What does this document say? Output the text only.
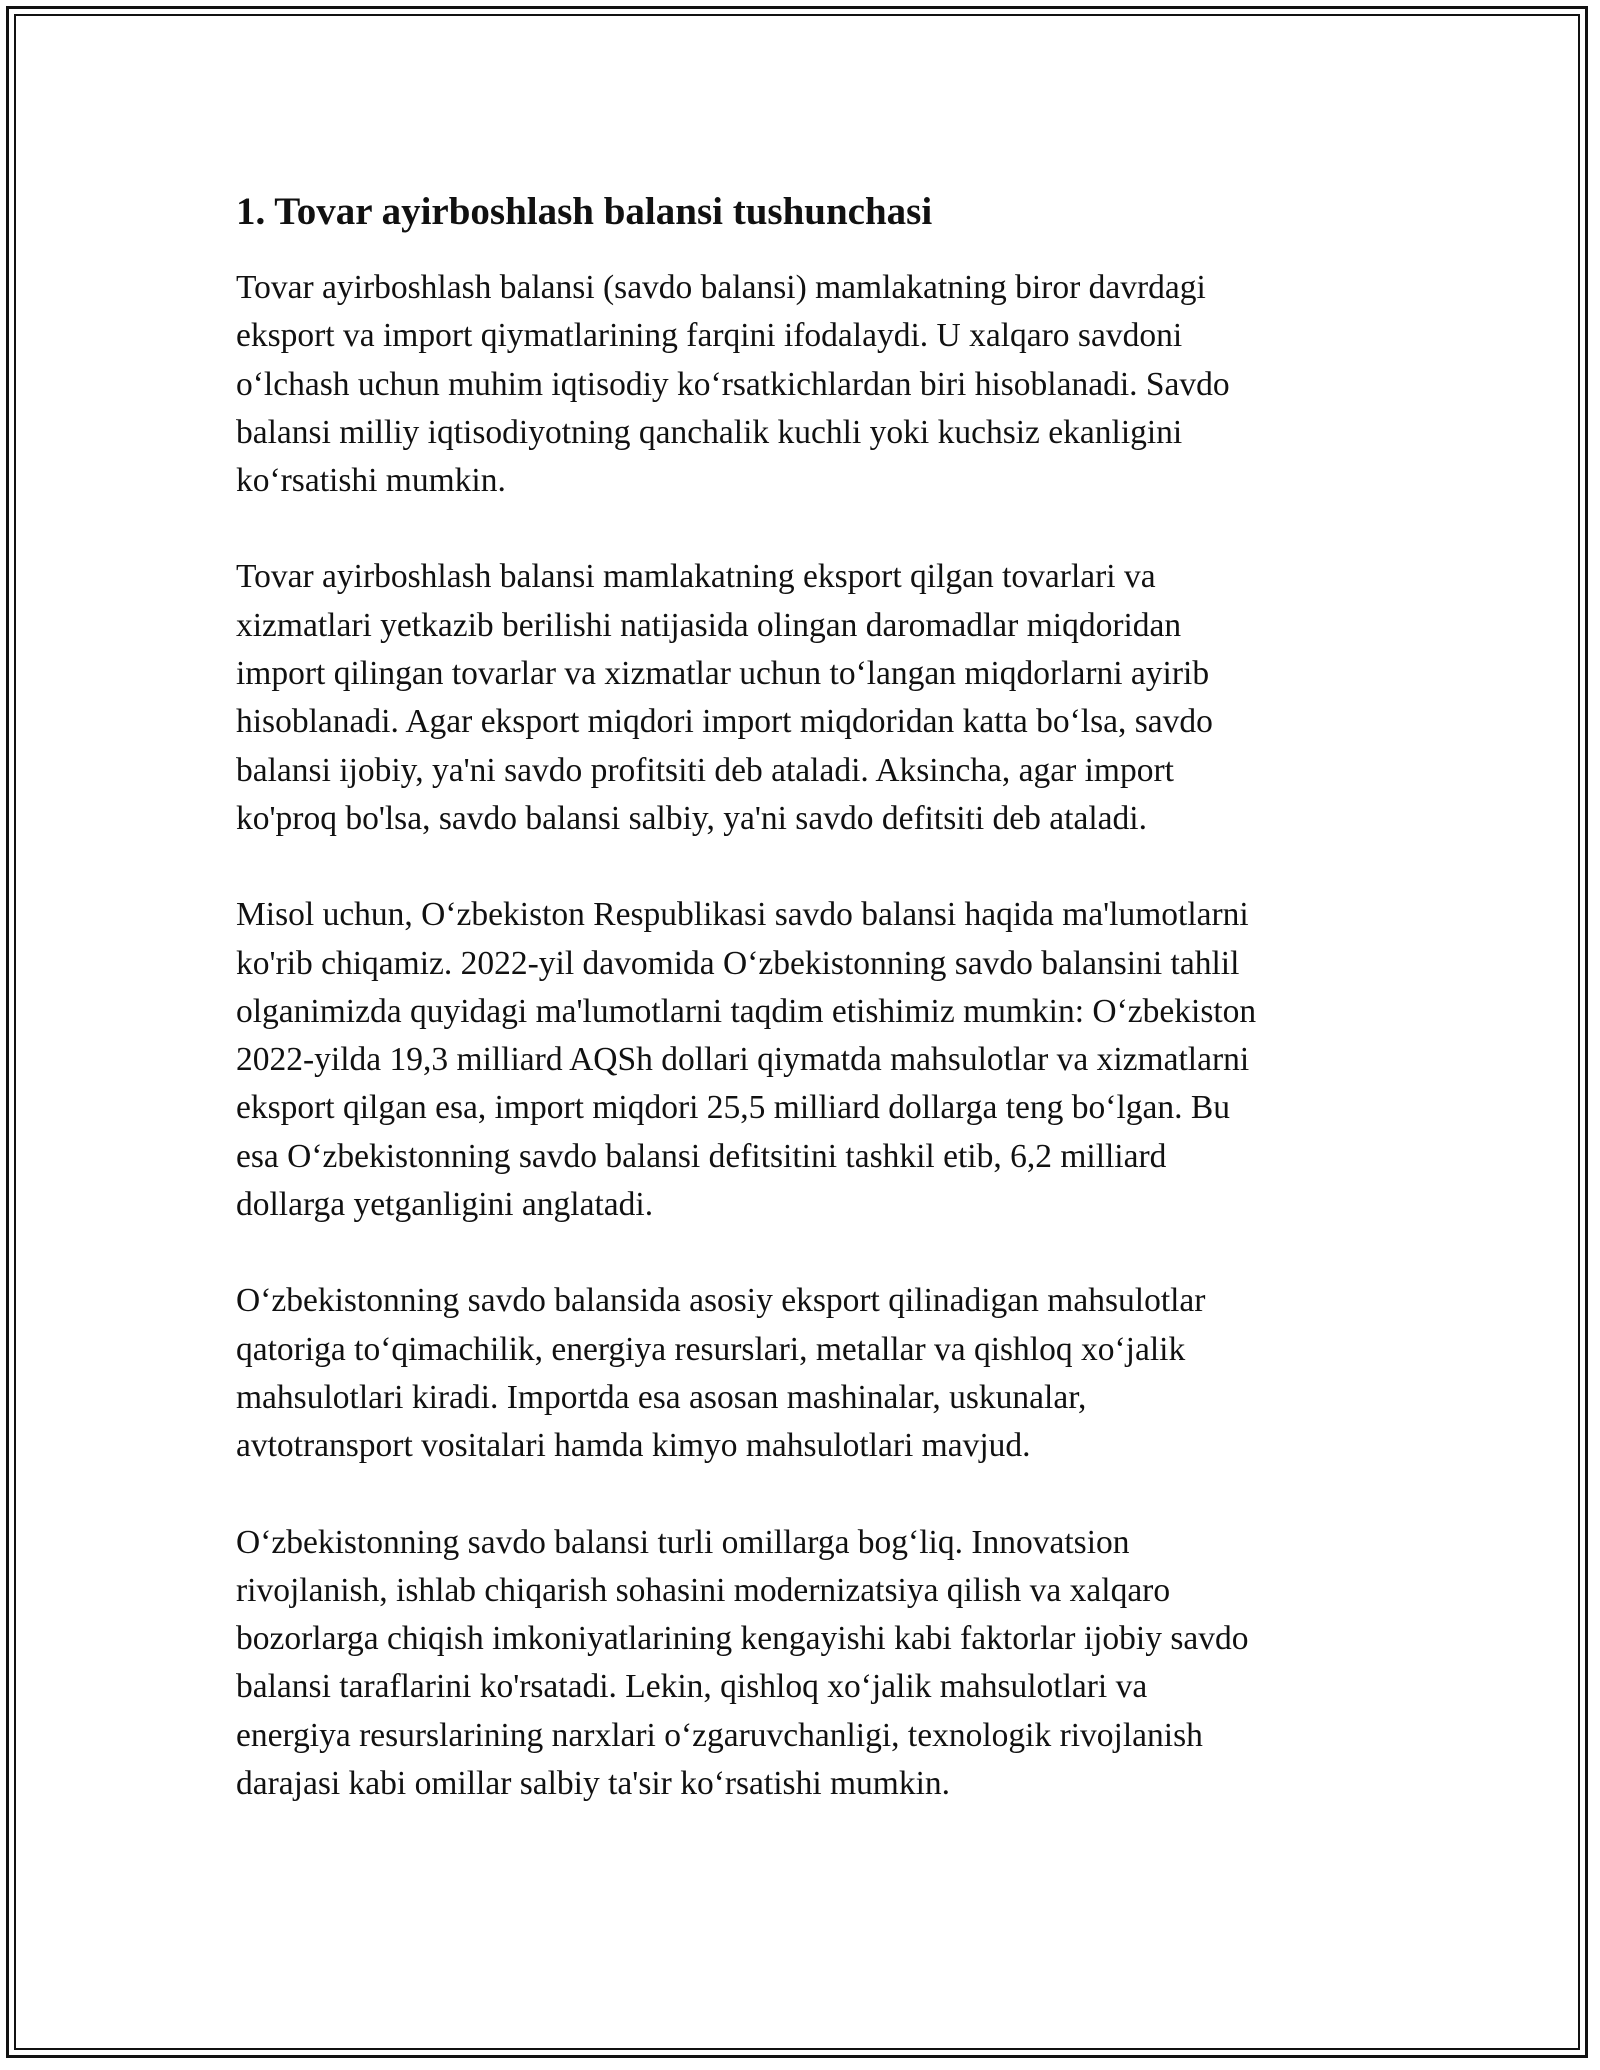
1. Tovar ayirboshlash balansi tushunchasi

Tovar ayirboshlash balansi (savdo balansi) mamlakatning biror davrdagi
eksport va import qiymatlarining farqini ifodalaydi. U xalqaro savdoni
o‘lchash uchun muhim iqtisodiy ko‘rsatkichlardan biri hisoblanadi. Savdo
balansi milliy iqtisodiyotning qanchalik kuchli yoki kuchsiz ekanligini
ko‘rsatishi mumkin.

Tovar ayirboshlash balansi mamlakatning eksport qilgan tovarlari va
xizmatlari yetkazib berilishi natijasida olingan daromadlar miqdoridan
import qilingan tovarlar va xizmatlar uchun to‘langan miqdorlarni ayirib
hisoblanadi. Agar eksport miqdori import miqdoridan katta bo‘lsa, savdo
balansi ijobiy, ya'ni savdo profitsiti deb ataladi. Aksincha, agar import
ko'proq bo'lsa, savdo balansi salbiy, ya'ni savdo defitsiti deb ataladi.

Misol uchun, O‘zbekiston Respublikasi savdo balansi haqida ma'lumotlarni
ko'rib chiqamiz. 2022-yil davomida O‘zbekistonning savdo balansini tahlil
olganimizda quyidagi ma'lumotlarni taqdim etishimiz mumkin: O‘zbekiston
2022-yilda 19,3 milliard AQSh dollari qiymatda mahsulotlar va xizmatlarni
eksport qilgan esa, import miqdori 25,5 milliard dollarga teng bo‘lgan. Bu
esa O‘zbekistonning savdo balansi defitsitini tashkil etib, 6,2 milliard
dollarga yetganligini anglatadi.

O‘zbekistonning savdo balansida asosiy eksport qilinadigan mahsulotlar
qatoriga to‘qimachilik, energiya resurslari, metallar va qishloq xo‘jalik
mahsulotlari kiradi. Importda esa asosan mashinalar, uskunalar,
avtotransport vositalari hamda kimyo mahsulotlari mavjud.

O‘zbekistonning savdo balansi turli omillarga bog‘liq. Innovatsion
rivojlanish, ishlab chiqarish sohasini modernizatsiya qilish va xalqaro
bozorlarga chiqish imkoniyatlarining kengayishi kabi faktorlar ijobiy savdo
balansi taraflarini ko'rsatadi. Lekin, qishloq xo‘jalik mahsulotlari va
energiya resurslarining narxlari o‘zgaruvchanligi, texnologik rivojlanish
darajasi kabi omillar salbiy ta'sir ko‘rsatishi mumkin.
